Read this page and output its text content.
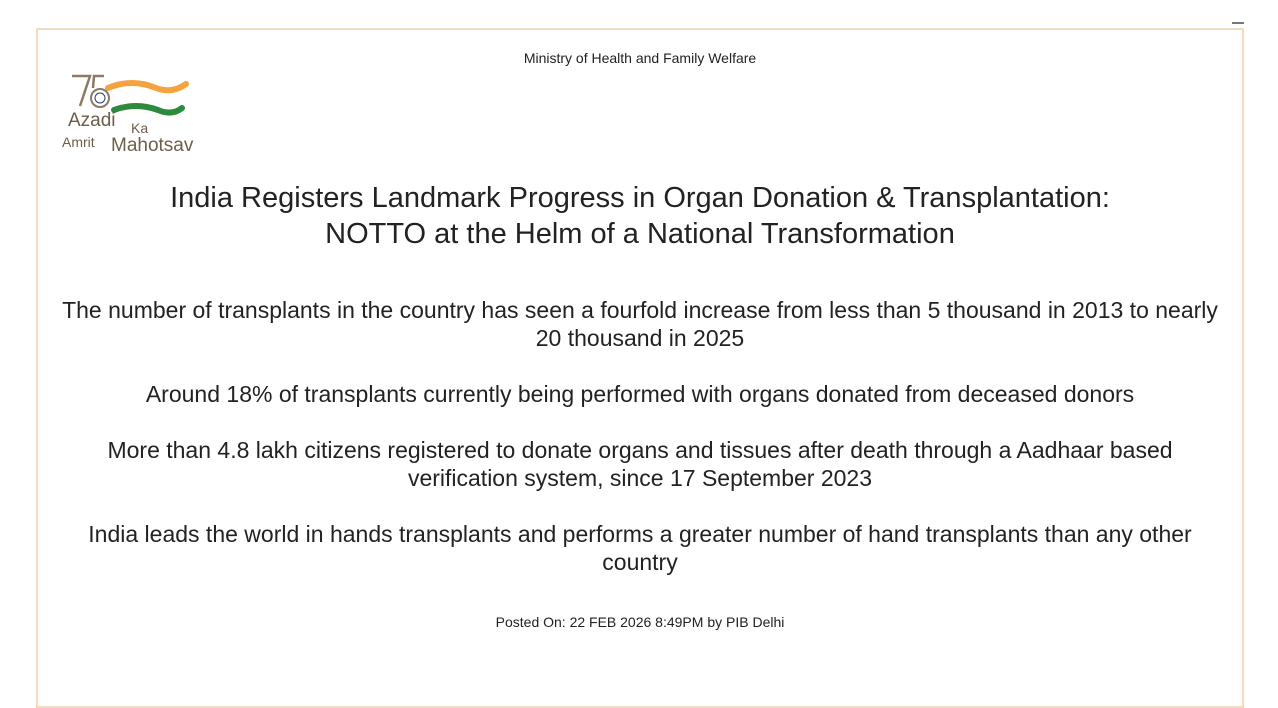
Ministry of Health and Family Welfare
Azadi Ka
Amrit Mahotsav
India Registers Landmark Progress in Organ Donation & Transplantation:
NOTTO at the Helm of a National Transformation

The number of transplants in the country has seen a fourfold increase from less than 5 thousand in 2013 to nearly 20 thousand in 2025

Around 18% of transplants currently being performed with organs donated from deceased donors

More than 4.8 lakh citizens registered to donate organs and tissues after death through a Aadhaar based verification system, since 17 September 2023

India leads the world in hands transplants and performs a greater number of hand transplants than any other country

Posted On: 22 FEB 2026 8:49PM by PIB Delhi
